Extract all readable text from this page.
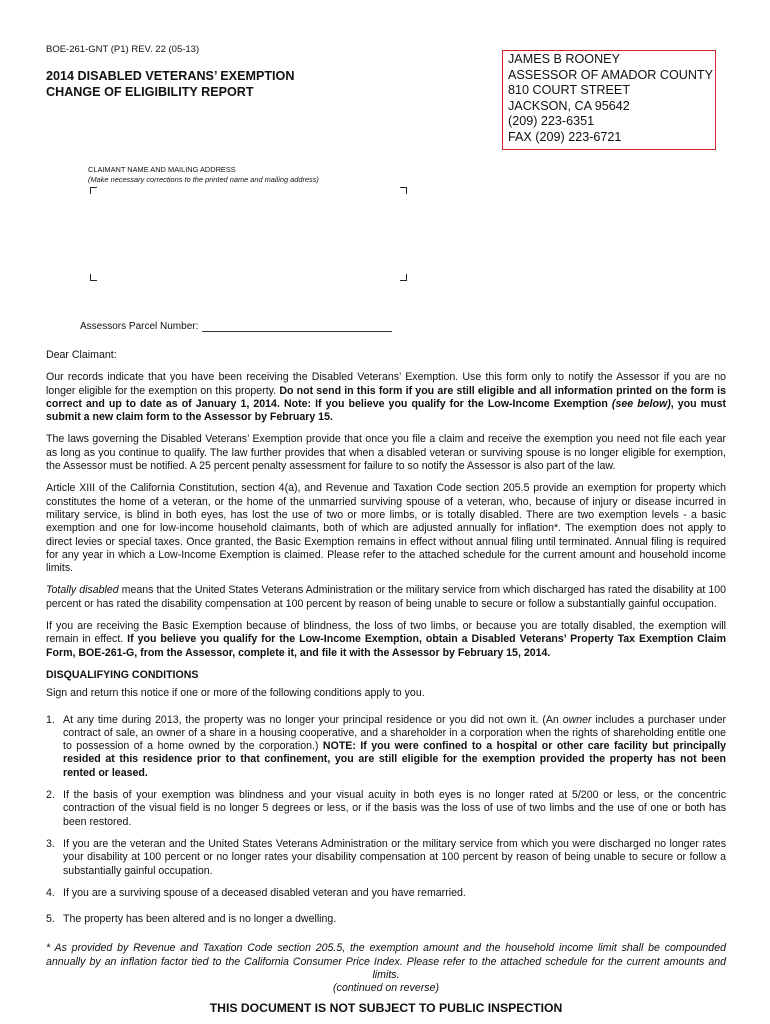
BOE-261-GNT (P1) REV. 22 (05-13)
2014 DISABLED VETERANS’ EXEMPTION
CHANGE OF ELIGIBILITY REPORT
JAMES B ROONEY
ASSESSOR OF AMADOR COUNTY
810 COURT STREET
JACKSON, CA 95642
(209) 223-6351
FAX (209) 223-6721
CLAIMANT NAME AND MAILING ADDRESS
(Make necessary corrections to the printed name and mailing address)
Assessors Parcel Number:

Dear Claimant:

Our records indicate that you have been receiving the Disabled Veterans’ Exemption. Use this form only to notify the Assessor if you are no longer eligible for the exemption on this property. Do not send in this form if you are still eligible and all information printed on the form is correct and up to date as of January 1, 2014. Note: If you believe you qualify for the Low-Income Exemption (see below), you must submit a new claim form to the Assessor by February 15.

The laws governing the Disabled Veterans’ Exemption provide that once you file a claim and receive the exemption you need not file each year as long as you continue to qualify. The law further provides that when a disabled veteran or surviving spouse is no longer eligible for exemption, the Assessor must be notified. A 25 percent penalty assessment for failure to so notify the Assessor is also part of the law.

Article XIII of the California Constitution, section 4(a), and Revenue and Taxation Code section 205.5 provide an exemption for property which constitutes the home of a veteran, or the home of the unmarried surviving spouse of a veteran, who, because of injury or disease incurred in military service, is blind in both eyes, has lost the use of two or more limbs, or is totally disabled. There are two exemption levels - a basic exemption and one for low-income household claimants, both of which are adjusted annually for inflation*. The exemption does not apply to direct levies or special taxes. Once granted, the Basic Exemption remains in effect without annual filing until terminated. Annual filing is required for any year in which a Low-Income Exemption is claimed. Please refer to the attached schedule for the current amount and household income limits.

Totally disabled means that the United States Veterans Administration or the military service from which discharged has rated the disability at 100 percent or has rated the disability compensation at 100 percent by reason of being unable to secure or follow a substantially gainful occupation.

If you are receiving the Basic Exemption because of blindness, the loss of two limbs, or because you are totally disabled, the exemption will remain in effect. If you believe you qualify for the Low-Income Exemption, obtain a Disabled Veterans’ Property Tax Exemption Claim Form, BOE-261-G, from the Assessor, complete it, and file it with the Assessor by February 15, 2014.

DISQUALIFYING CONDITIONS

Sign and return this notice if one or more of the following conditions apply to you.

1. At any time during 2013, the property was no longer your principal residence or you did not own it. (An owner includes a purchaser under contract of sale, an owner of a share in a housing cooperative, and a shareholder in a corporation when the rights of shareholding entitle one to possession of a home owned by the corporation.) NOTE: If you were confined to a hospital or other care facility but principally resided at this residence prior to that confinement, you are still eligible for the exemption provided the property has not been rented or leased.
2. If the basis of your exemption was blindness and your visual acuity in both eyes is no longer rated at 5/200 or less, or the concentric contraction of the visual field is no longer 5 degrees or less, or if the basis was the loss of use of two limbs and the use of one or both has been restored.
3. If you are the veteran and the United States Veterans Administration or the military service from which you were discharged no longer rates your disability at 100 percent or no longer rates your disability compensation at 100 percent by reason of being unable to secure or follow a substantially gainful occupation.
4. If you are a surviving spouse of a deceased disabled veteran and you have remarried.
5. The property has been altered and is no longer a dwelling.
* As provided by Revenue and Taxation Code section 205.5, the exemption amount and the household income limit shall be compounded annually by an inflation factor tied to the California Consumer Price Index. Please refer to the attached schedule for the current amounts and limits.
(continued on reverse)
THIS DOCUMENT IS NOT SUBJECT TO PUBLIC INSPECTION
